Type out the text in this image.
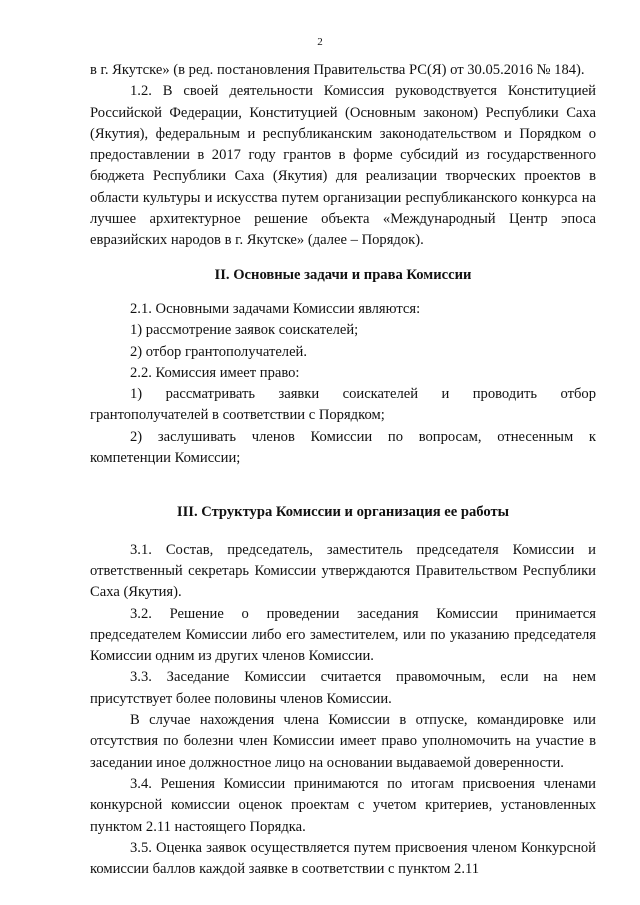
2

в г. Якутске» (в ред. постановления Правительства РС(Я) от 30.05.2016 № 184).

1.2. В своей деятельности Комиссия руководствуется Конституцией Российской Федерации, Конституцией (Основным законом) Республики Саха (Якутия), федеральным и республиканским законодательством и Порядком о предоставлении в 2017 году грантов в форме субсидий из государственного бюджета Республики Саха (Якутия) для реализации творческих проектов в области культуры и искусства путем организации республиканского конкурса на лучшее архитектурное решение объекта «Международный Центр эпоса евразийских народов в г. Якутске» (далее – Порядок).

II. Основные задачи и права Комиссии

2.1. Основными задачами Комиссии являются:

1) рассмотрение заявок соискателей;

2) отбор грантополучателей.

2.2. Комиссия имеет право:

1) рассматривать заявки соискателей и проводить отбор грантополучателей в соответствии с Порядком;

2) заслушивать членов Комиссии по вопросам, отнесенным к компетенции Комиссии;

III. Структура Комиссии и организация ее работы

3.1. Состав, председатель, заместитель председателя Комиссии и ответственный секретарь Комиссии утверждаются Правительством Республики Саха (Якутия).

3.2. Решение о проведении заседания Комиссии принимается председателем Комиссии либо его заместителем, или по указанию председателя Комиссии одним из других членов Комиссии.

3.3. Заседание Комиссии считается правомочным, если на нем присутствует более половины членов Комиссии.

В случае нахождения члена Комиссии в отпуске, командировке или отсутствия по болезни член Комиссии имеет право уполномочить на участие в заседании иное должностное лицо на основании выдаваемой доверенности.

3.4. Решения Комиссии принимаются по итогам присвоения членами конкурсной комиссии оценок проектам с учетом критериев, установленных пунктом 2.11 настоящего Порядка.

3.5. Оценка заявок осуществляется путем присвоения членом Конкурсной комиссии баллов каждой заявке в соответствии с пунктом 2.11
